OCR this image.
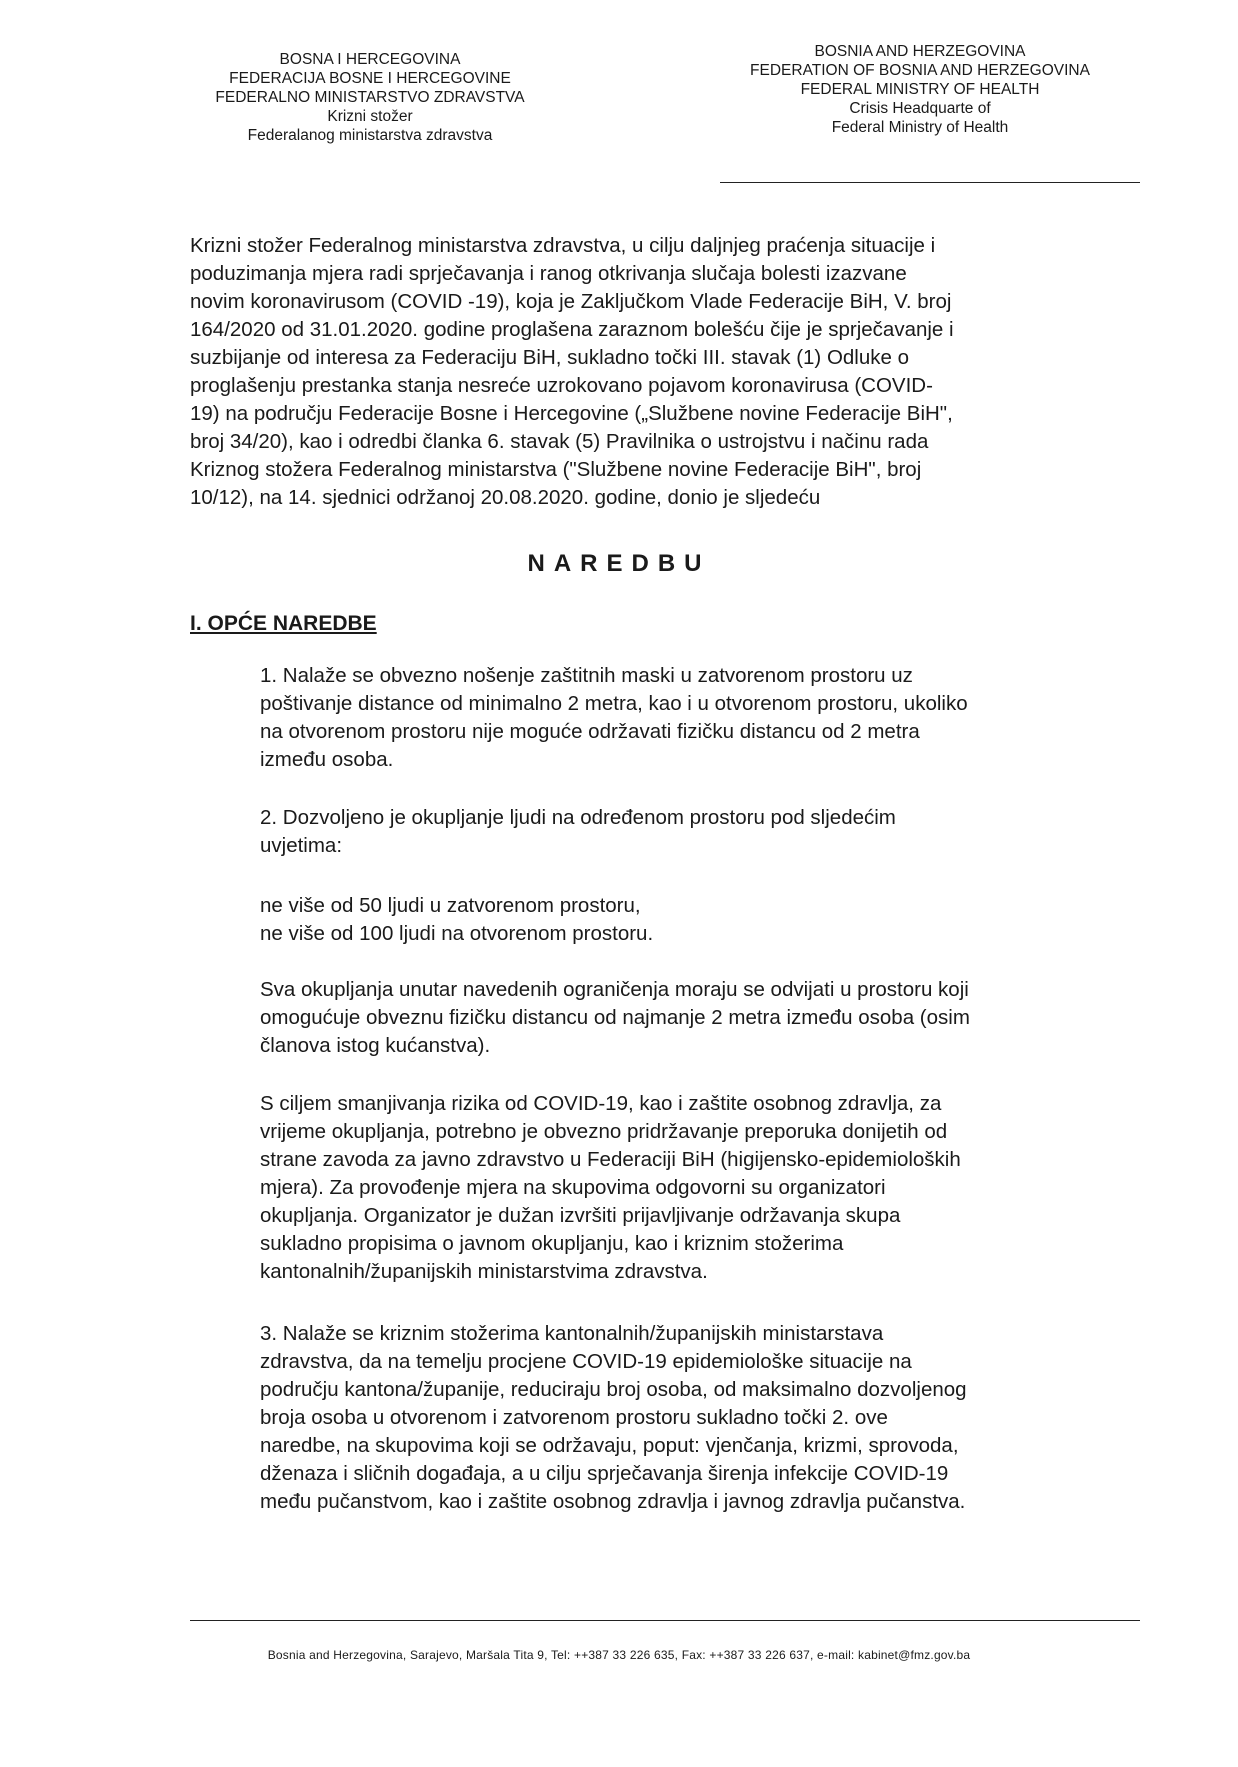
BOSNA I HERCEGOVINA
FEDERACIJA BOSNE I HERCEGOVINE
FEDERALNO MINISTARSTVO ZDRAVSTVA
Krizni stožer
Federalanog ministarstva zdravstva
BOSNIA AND HERZEGOVINA
FEDERATION OF BOSNIA AND HERZEGOVINA
FEDERAL MINISTRY OF HEALTH
Crisis Headquarte of
Federal Ministry of Health
Krizni stožer Federalnog ministarstva zdravstva, u cilju daljnjeg praćenja situacije i
poduzimanja mjera radi sprječavanja i ranog otkrivanja slučaja bolesti izazvane
novim koronavirusom (COVID -19), koja je Zaključkom Vlade Federacije BiH, V. broj
164/2020 od 31.01.2020. godine proglašena zaraznom bolešću čije je sprječavanje i
suzbijanje od interesa za Federaciju BiH, sukladno točki III. stavak (1) Odluke o
proglašenju prestanka stanja nesreće uzrokovano pojavom koronavirusa (COVID-
19) na području Federacije Bosne i Hercegovine („Službene novine Federacije BiH",
broj 34/20), kao i odredbi članka 6. stavak (5) Pravilnika o ustrojstvu i načinu rada
Kriznog stožera Federalnog ministarstva ("Službene novine Federacije BiH", broj
10/12), na 14. sjednici održanoj 20.08.2020. godine, donio je sljedeću
NAREDBU
I. OPĆE NAREDBE
1. Nalaže se obvezno nošenje zaštitnih maski u zatvorenom prostoru uz
poštivanje distance od minimalno 2 metra, kao i u otvorenom prostoru, ukoliko
na otvorenom prostoru nije moguće održavati fizičku distancu od 2 metra
između osoba.
2. Dozvoljeno je okupljanje ljudi na određenom prostoru pod sljedećim
uvjetima:
ne više od 50 ljudi u zatvorenom prostoru,
ne više od 100 ljudi na otvorenom prostoru.
Sva okupljanja unutar navedenih ograničenja moraju se odvijati u prostoru koji
omogućuje obveznu fizičku distancu od najmanje 2 metra između osoba (osim
članova istog kućanstva).
S ciljem smanjivanja rizika od COVID-19, kao i zaštite osobnog zdravlja, za
vrijeme okupljanja, potrebno je obvezno pridržavanje preporuka donijetih od
strane zavoda za javno zdravstvo u Federaciji BiH (higijensko-epidemioloških
mjera). Za provođenje mjera na skupovima odgovorni su organizatori
okupljanja. Organizator je dužan izvršiti prijavljivanje održavanja skupa
sukladno propisima o javnom okupljanju, kao i kriznim stožerima
kantonalnih/županijskih ministarstvima zdravstva.
3. Nalaže se kriznim stožerima kantonalnih/županijskih ministarstava
zdravstva, da na temelju procjene COVID-19 epidemiološke situacije na
području kantona/županije, reduciraju broj osoba, od maksimalno dozvoljenog
broja osoba u otvorenom i zatvorenom prostoru sukladno točki 2. ove
naredbe, na skupovima koji se održavaju, poput: vjenčanja, krizmi, sprovoda,
dženaza i sličnih događaja, a u cilju sprječavanja širenja infekcije COVID-19
među pučanstvom, kao i zaštite osobnog zdravlja i javnog zdravlja pučanstva.
Bosnia and Herzegovina, Sarajevo, Maršala Tita 9, Tel: ++387 33 226 635, Fax: ++387 33 226 637, e-mail: kabinet@fmz.gov.ba
